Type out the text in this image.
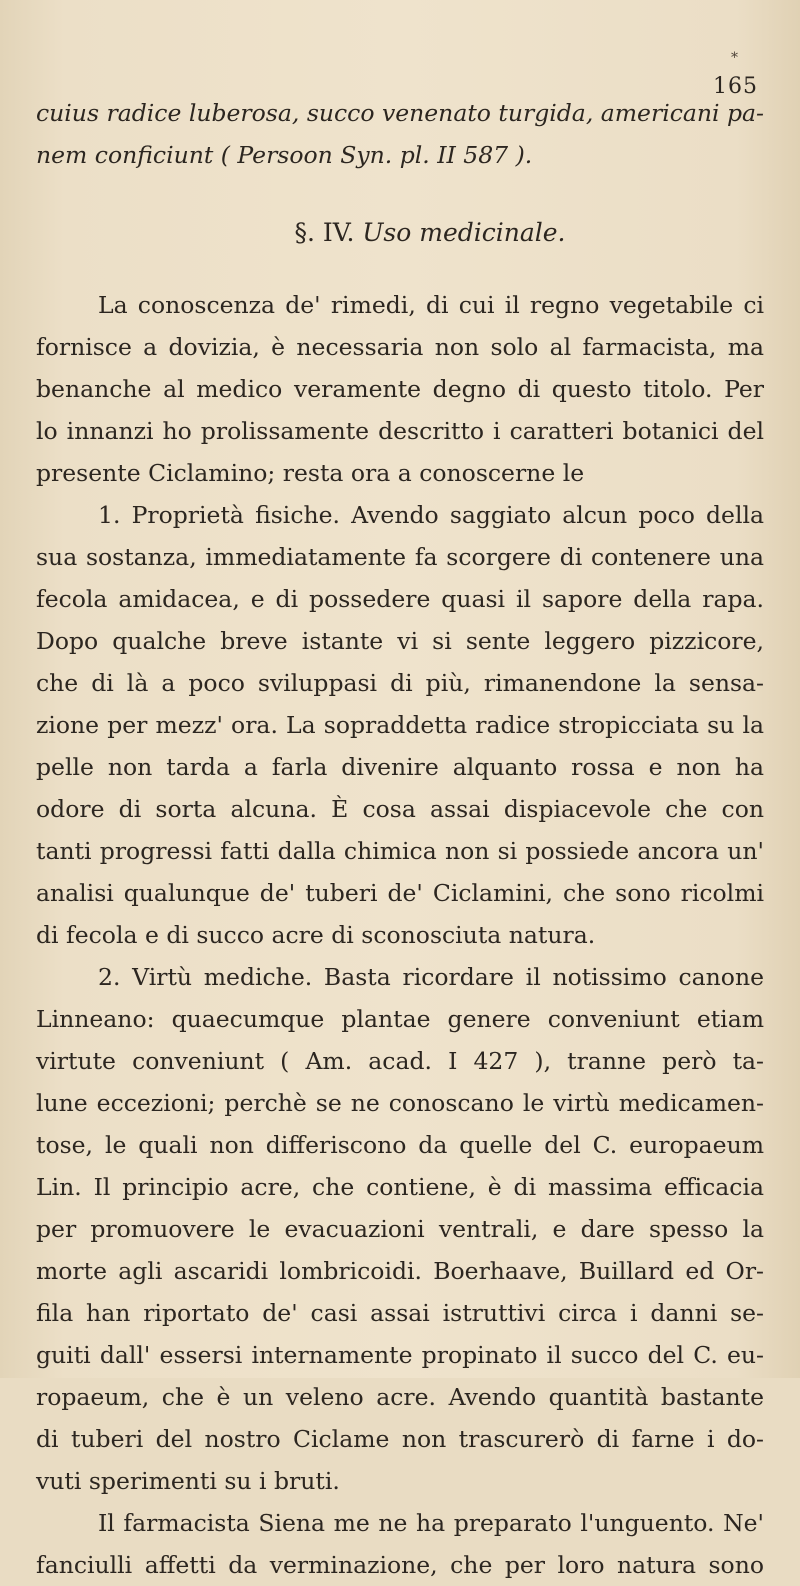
*
165

cuius radice luberosa, succo venenato turgida, americani pa-

nem conficiunt ( Persoon Syn. pl. II 587 ).

§. IV. Uso medicinale.

La conoscenza de' rimedi, di cui il regno vegetabile ci

fornisce a dovizia, è necessaria non solo al farmacista, ma

benanche al medico veramente degno di questo titolo. Per

lo innanzi ho prolissamente descritto i caratteri botanici del

presente Ciclamino; resta ora a conoscerne le

1. Proprietà fisiche. Avendo saggiato alcun poco della

sua sostanza, immediatamente fa scorgere di contenere una

fecola amidacea, e di possedere quasi il sapore della rapa.

Dopo qualche breve istante vi si sente leggero pizzicore,

che di là a poco sviluppasi di più, rimanendone la sensa-

zione per mezz' ora. La sopraddetta radice stropicciata su la

pelle non tarda a farla divenire alquanto rossa e non ha

odore di sorta alcuna. È cosa assai dispiacevole che con

tanti progressi fatti dalla chimica non si possiede ancora un'

analisi qualunque de' tuberi de' Ciclamini, che sono ricolmi

di fecola e di succo acre di sconosciuta natura.

2. Virtù mediche. Basta ricordare il notissimo canone

Linneano: quaecumque plantae genere conveniunt etiam

virtute conveniunt ( Am. acad. I 427 ), tranne però ta-

lune eccezioni; perchè se ne conoscano le virtù medicamen-

tose, le quali non differiscono da quelle del C. europaeum

Lin. Il principio acre, che contiene, è di massima efficacia

per promuovere le evacuazioni ventrali, e dare spesso la

morte agli ascaridi lombricoidi. Boerhaave, Buillard ed Or-

fila han riportato de' casi assai istruttivi circa i danni se-

guiti dall' essersi internamente propinato il succo del C. eu-

ropaeum, che è un veleno acre. Avendo quantità bastante

di tuberi del nostro Ciclame non trascurerò di farne i do-

vuti sperimenti su i bruti.

Il farmacista Siena me ne ha preparato l'unguento. Ne'

fanciulli affetti da verminazione, che per loro natura sono
